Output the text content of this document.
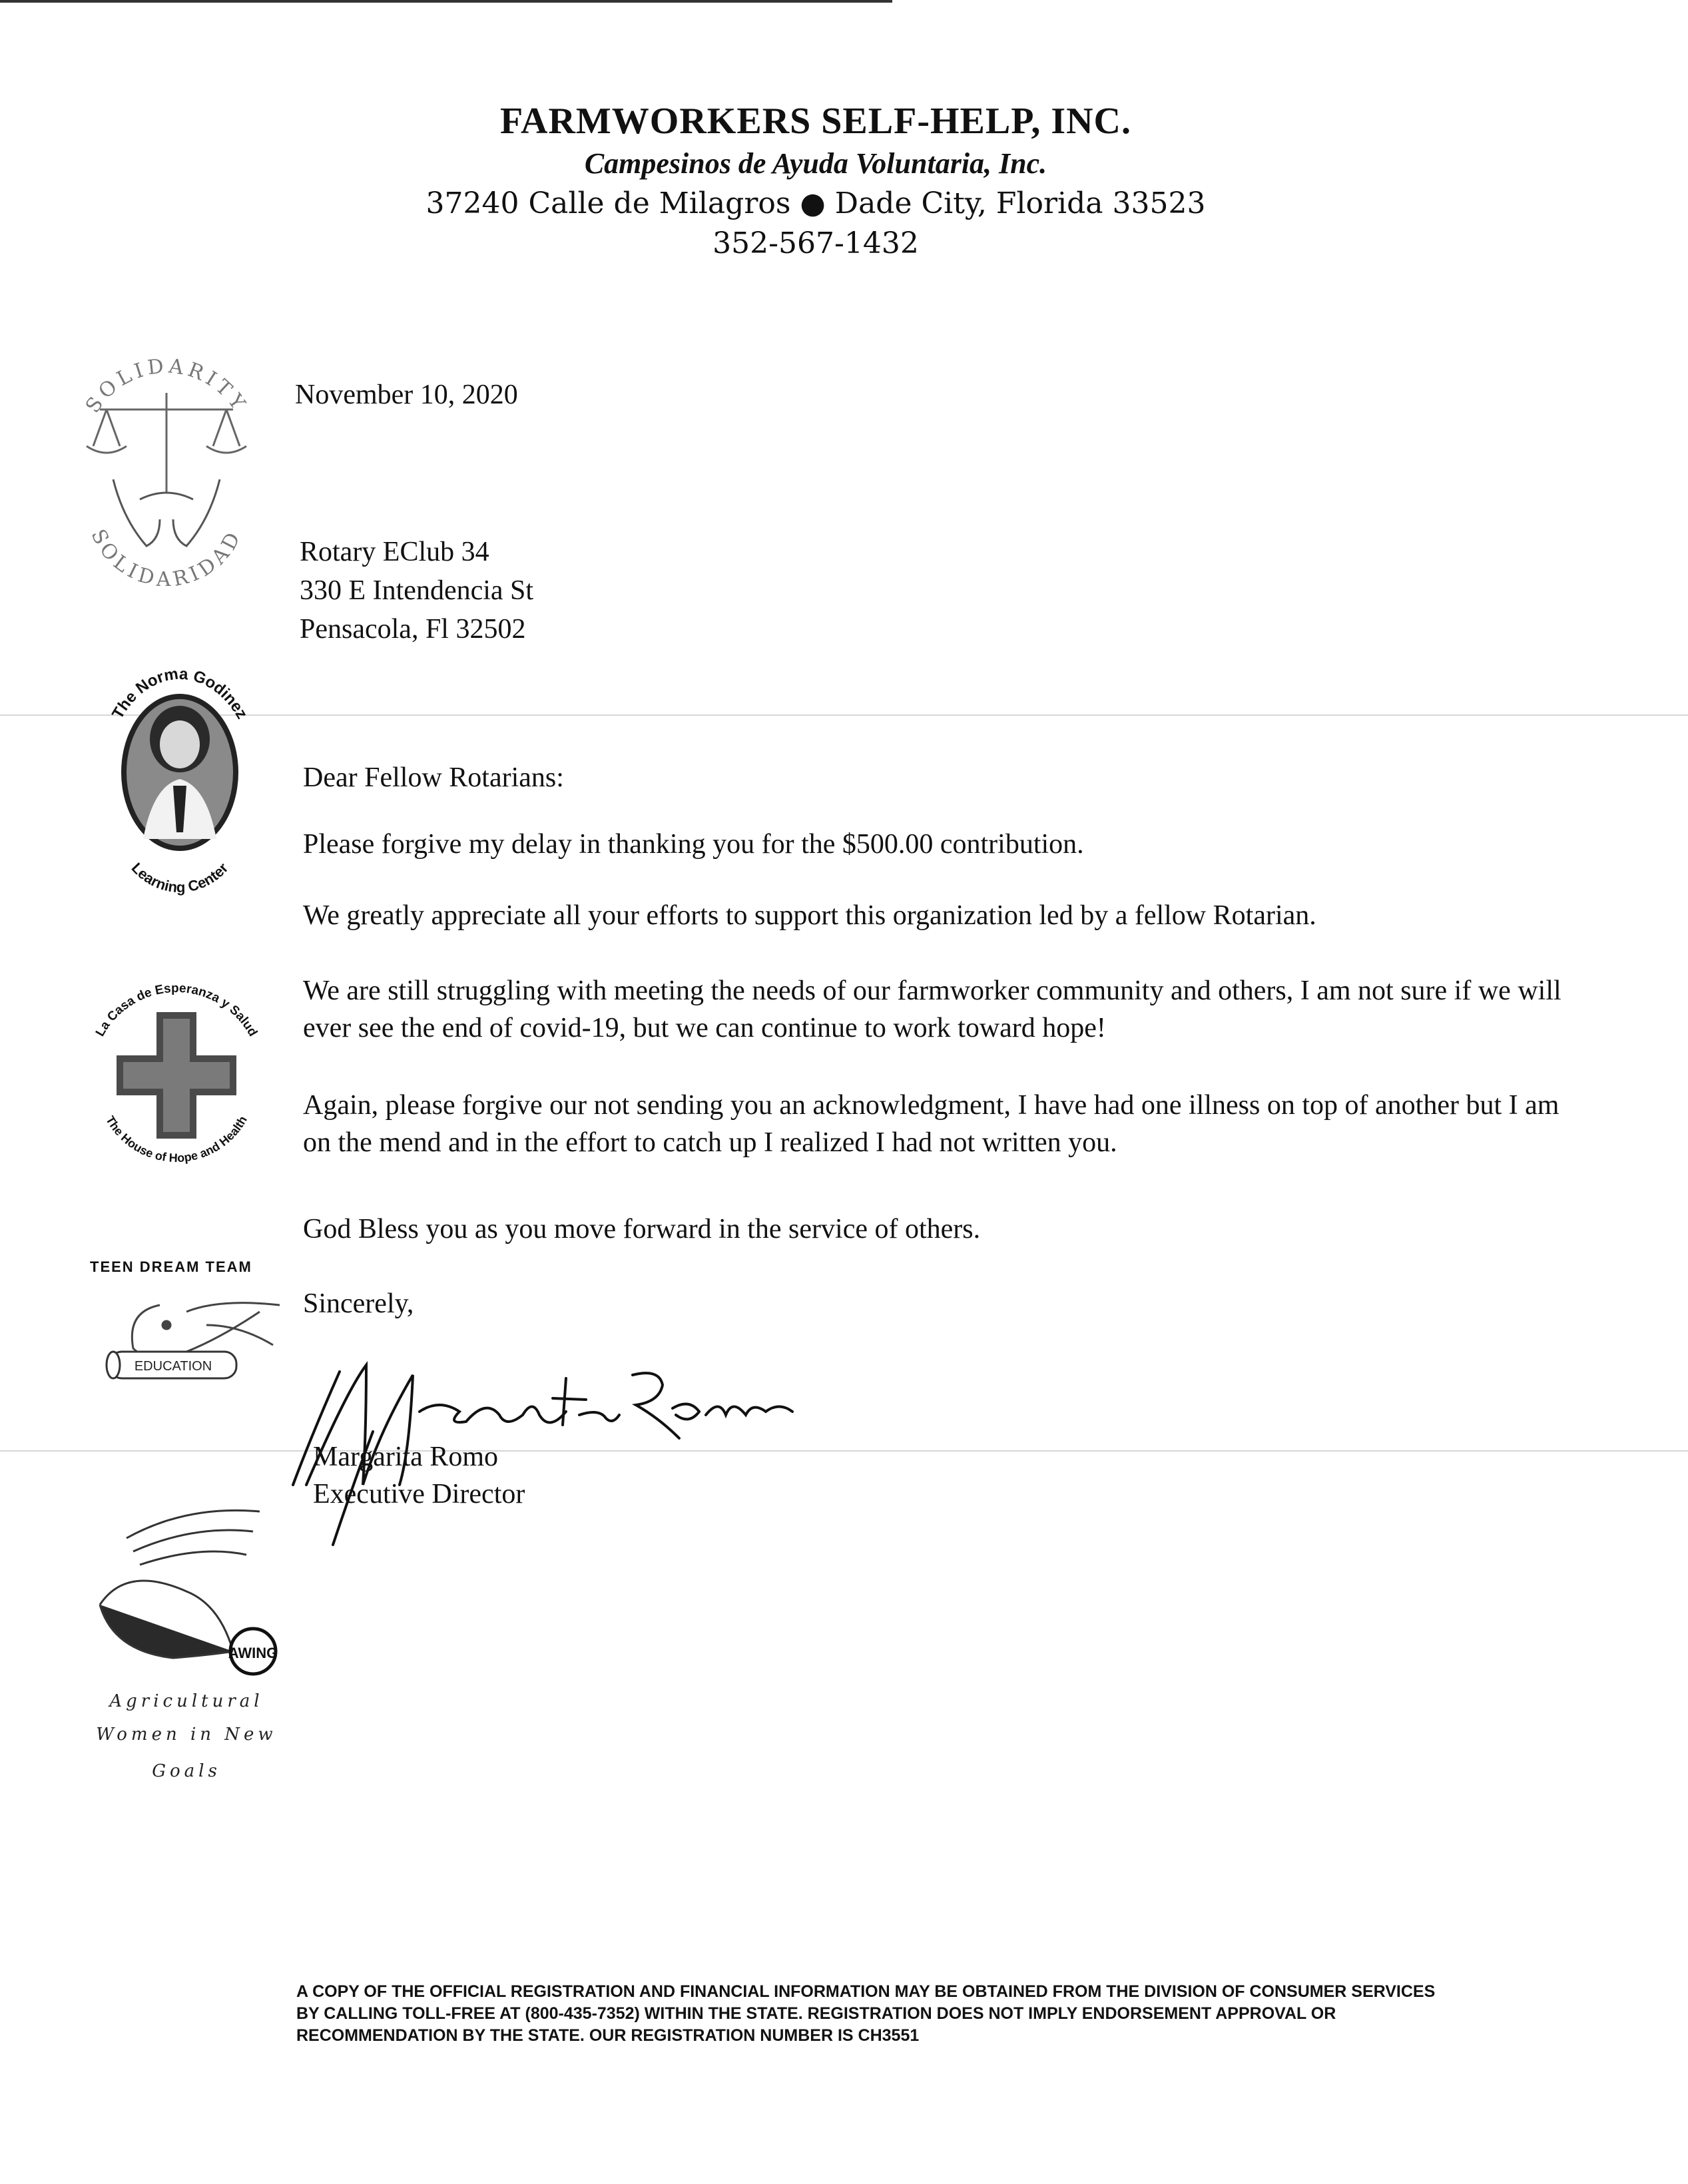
FARMWORKERS SELF-HELP, INC.
Campesinos de Ayuda Voluntaria, Inc.
37240 Calle de Milagros ● Dade City, Florida 33523
352-567-1432
SOLIDARITY
SOLIDARIDAD
The Norma Godinez
Learning Center
La Casa de Esperanza y Salud
The House of Hope and Health
TEEN DREAM TEAM
EDUCATION
AWING
Agricultural
Women in New
Goals
November 10, 2020
Rotary EClub 34
330 E Intendencia St
Pensacola, Fl 32502
Dear Fellow Rotarians:
Please forgive my delay in thanking you for the $500.00 contribution.
We greatly appreciate all your efforts to support this organization led by a fellow Rotarian.
We are still struggling with meeting the needs of our farmworker community and others, I am not sure if we will ever see the end of covid-19, but we can continue to work toward hope!
Again, please forgive our not sending you an acknowledgment, I have had one illness on top of another but I am on the mend and in the effort to catch up I realized I had not written you.
God Bless you as you move forward in the service of others.
Sincerely,
Margarita Romo
Executive Director
A COPY OF THE OFFICIAL REGISTRATION AND FINANCIAL INFORMATION MAY BE OBTAINED FROM THE DIVISION OF CONSUMER SERVICES BY CALLING TOLL-FREE AT (800-435-7352) WITHIN THE STATE. REGISTRATION DOES NOT IMPLY ENDORSEMENT APPROVAL OR RECOMMENDATION BY THE STATE. OUR REGISTRATION NUMBER IS CH3551
